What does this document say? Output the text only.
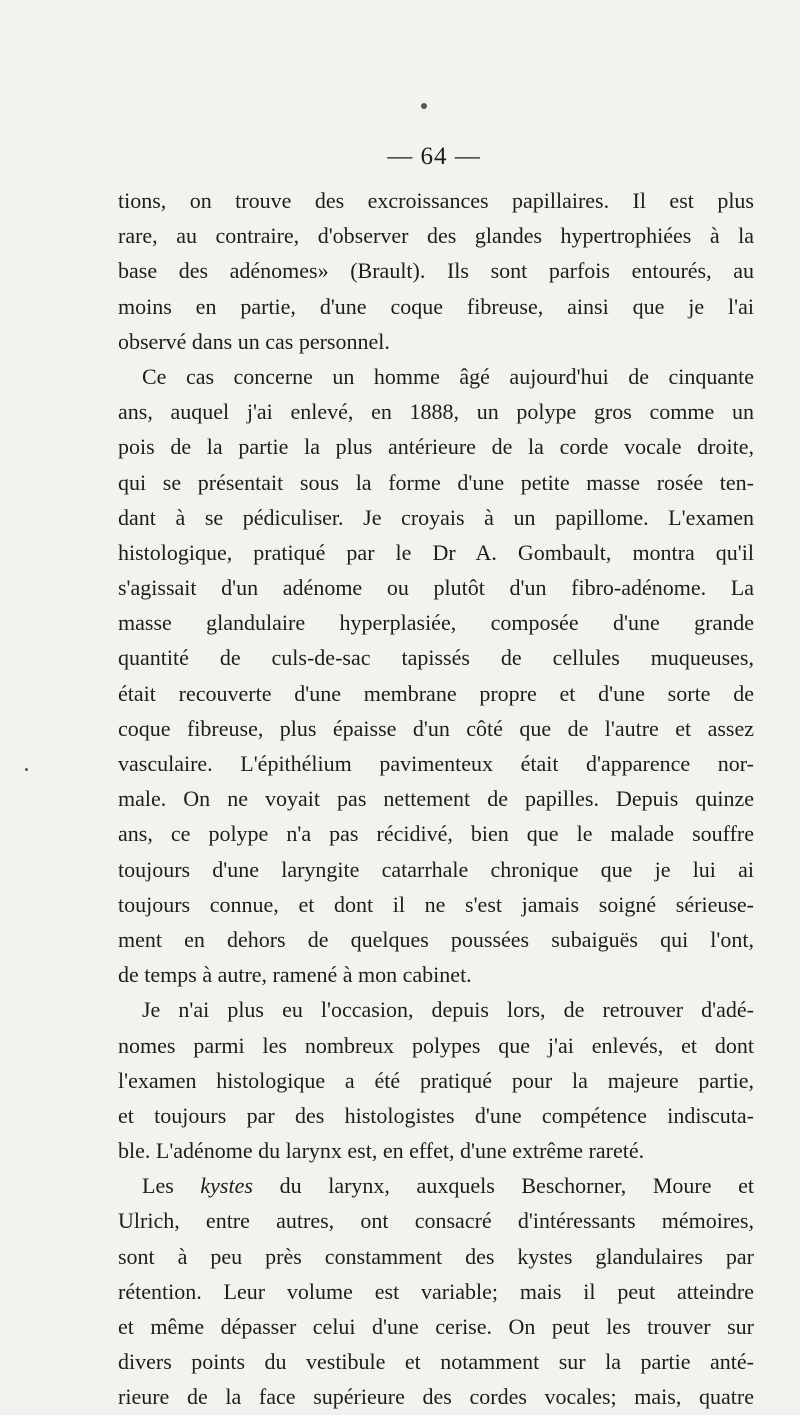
— 64 —
tions, on trouve des excroissances papillaires. Il est plus
rare, au contraire, d'observer des glandes hypertrophiées à la
base des adénomes» (Brault). Ils sont parfois entourés, au
moins en partie, d'une coque fibreuse, ainsi que je l'ai
observé dans un cas personnel.
Ce cas concerne un homme âgé aujourd'hui de cinquante
ans, auquel j'ai enlevé, en 1888, un polype gros comme un
pois de la partie la plus antérieure de la corde vocale droite,
qui se présentait sous la forme d'une petite masse rosée ten-
dant à se pédiculiser. Je croyais à un papillome. L'examen
histologique, pratiqué par le Dr A. Gombault, montra qu'il
s'agissait d'un adénome ou plutôt d'un fibro-adénome. La
masse glandulaire hyperplasiée, composée d'une grande
quantité de culs-de-sac tapissés de cellules muqueuses,
était recouverte d'une membrane propre et d'une sorte de
coque fibreuse, plus épaisse d'un côté que de l'autre et assez
vasculaire. L'épithélium pavimenteux était d'apparence nor-
male. On ne voyait pas nettement de papilles. Depuis quinze
ans, ce polype n'a pas récidivé, bien que le malade souffre
toujours d'une laryngite catarrhale chronique que je lui ai
toujours connue, et dont il ne s'est jamais soigné sérieuse-
ment en dehors de quelques poussées subaiguës qui l'ont,
de temps à autre, ramené à mon cabinet.
Je n'ai plus eu l'occasion, depuis lors, de retrouver d'adé-
nomes parmi les nombreux polypes que j'ai enlevés, et dont
l'examen histologique a été pratiqué pour la majeure partie,
et toujours par des histologistes d'une compétence indiscuta-
ble. L'adénome du larynx est, en effet, d'une extrême rareté.
Les kystes du larynx, auxquels Beschorner, Moure et
Ulrich, entre autres, ont consacré d'intéressants mémoires,
sont à peu près constamment des kystes glandulaires par
rétention. Leur volume est variable; mais il peut atteindre
et même dépasser celui d'une cerise. On peut les trouver sur
divers points du vestibule et notamment sur la partie anté-
rieure de la face supérieure des cordes vocales; mais, quatre
